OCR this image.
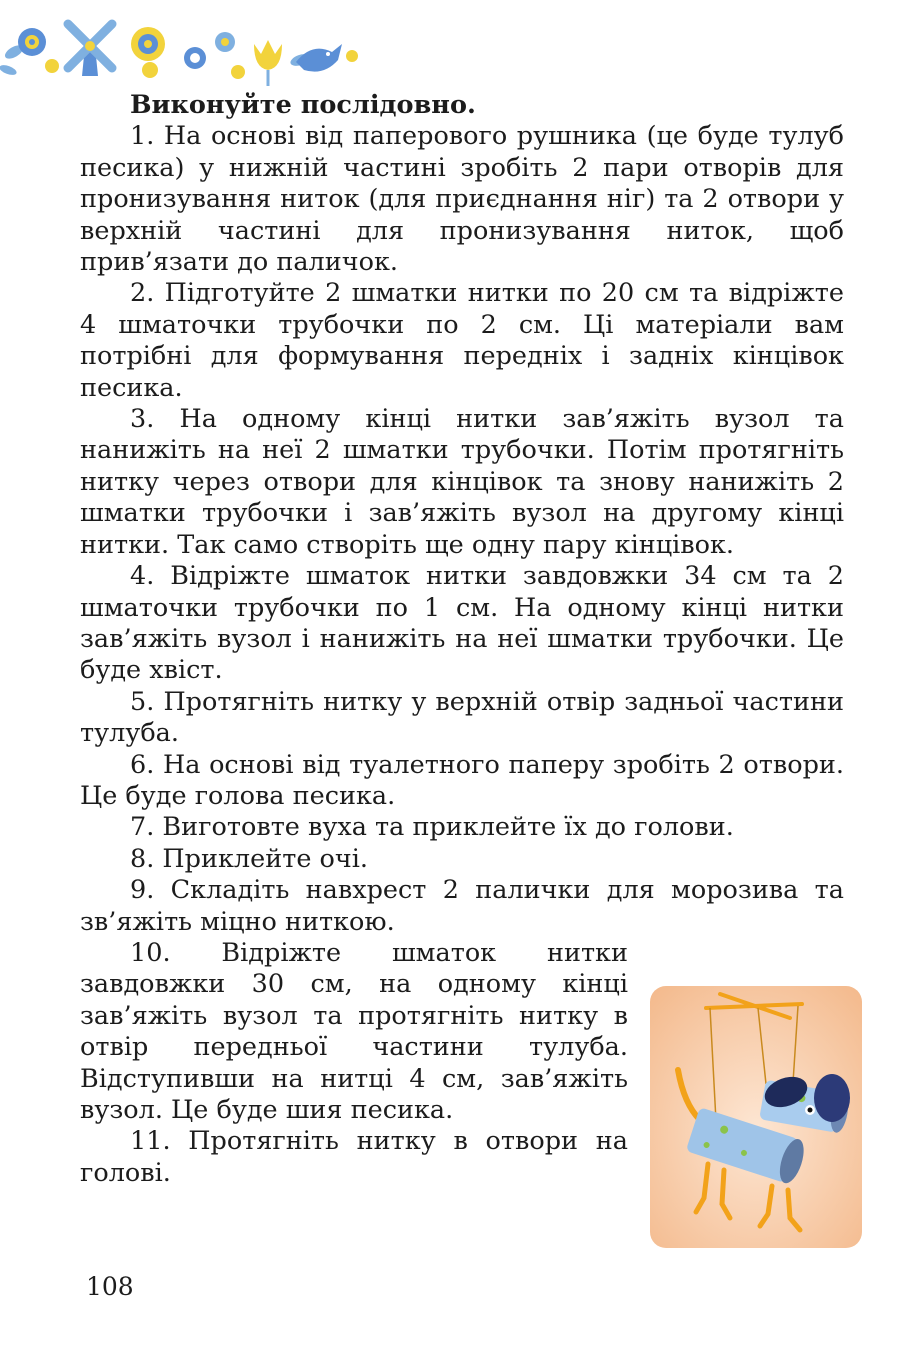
Виконуйте послідовно.

1. На основі від паперового рушника (це буде тулуб песика) у нижній частині зробіть 2 пари отворів для пронизування ниток (для приєднання ніг) та 2 отвори у верхній частині для пронизування ниток, щоб прив’язати до паличок.

2. Підготуйте 2 шматки нитки по 20 см та відріжте 4 шматочки трубочки по 2 см. Ці матеріали вам потрібні для формування передніх і задніх кінцівок песика.

3. На одному кінці нитки зав’яжіть вузол та нанижіть на неї 2 шматки трубочки. Потім протягніть нитку через отвори для кінцівок та знову нанижіть 2 шматки трубочки і зав’яжіть вузол на другому кінці нитки. Так само створіть ще одну пару кінцівок.

4. Відріжте шматок нитки завдовжки 34 см та 2 шматочки трубочки по 1 см. На одному кінці нитки зав’яжіть вузол і нанижіть на неї шматки трубочки. Це буде хвіст.

5. Протягніть нитку у верхній отвір задньої частини тулуба.

6. На основі від туалетного паперу зробіть 2 отвори. Це буде голова песика.

7. Виготовте вуха та приклейте їх до голови.

8. Приклейте очі.

9. Складіть навхрест 2 палички для морозива та зв’яжіть міцно ниткою.

10. Відріжте шматок нитки завдовжки 30 см, на одному кінці зав’яжіть вузол та протягніть нитку в отвір передньої частини тулуба. Відступивши на нитці 4 см, зав’яжіть вузол. Це буде шия песика.

11. Протягніть нитку в отвори на голові.

108
